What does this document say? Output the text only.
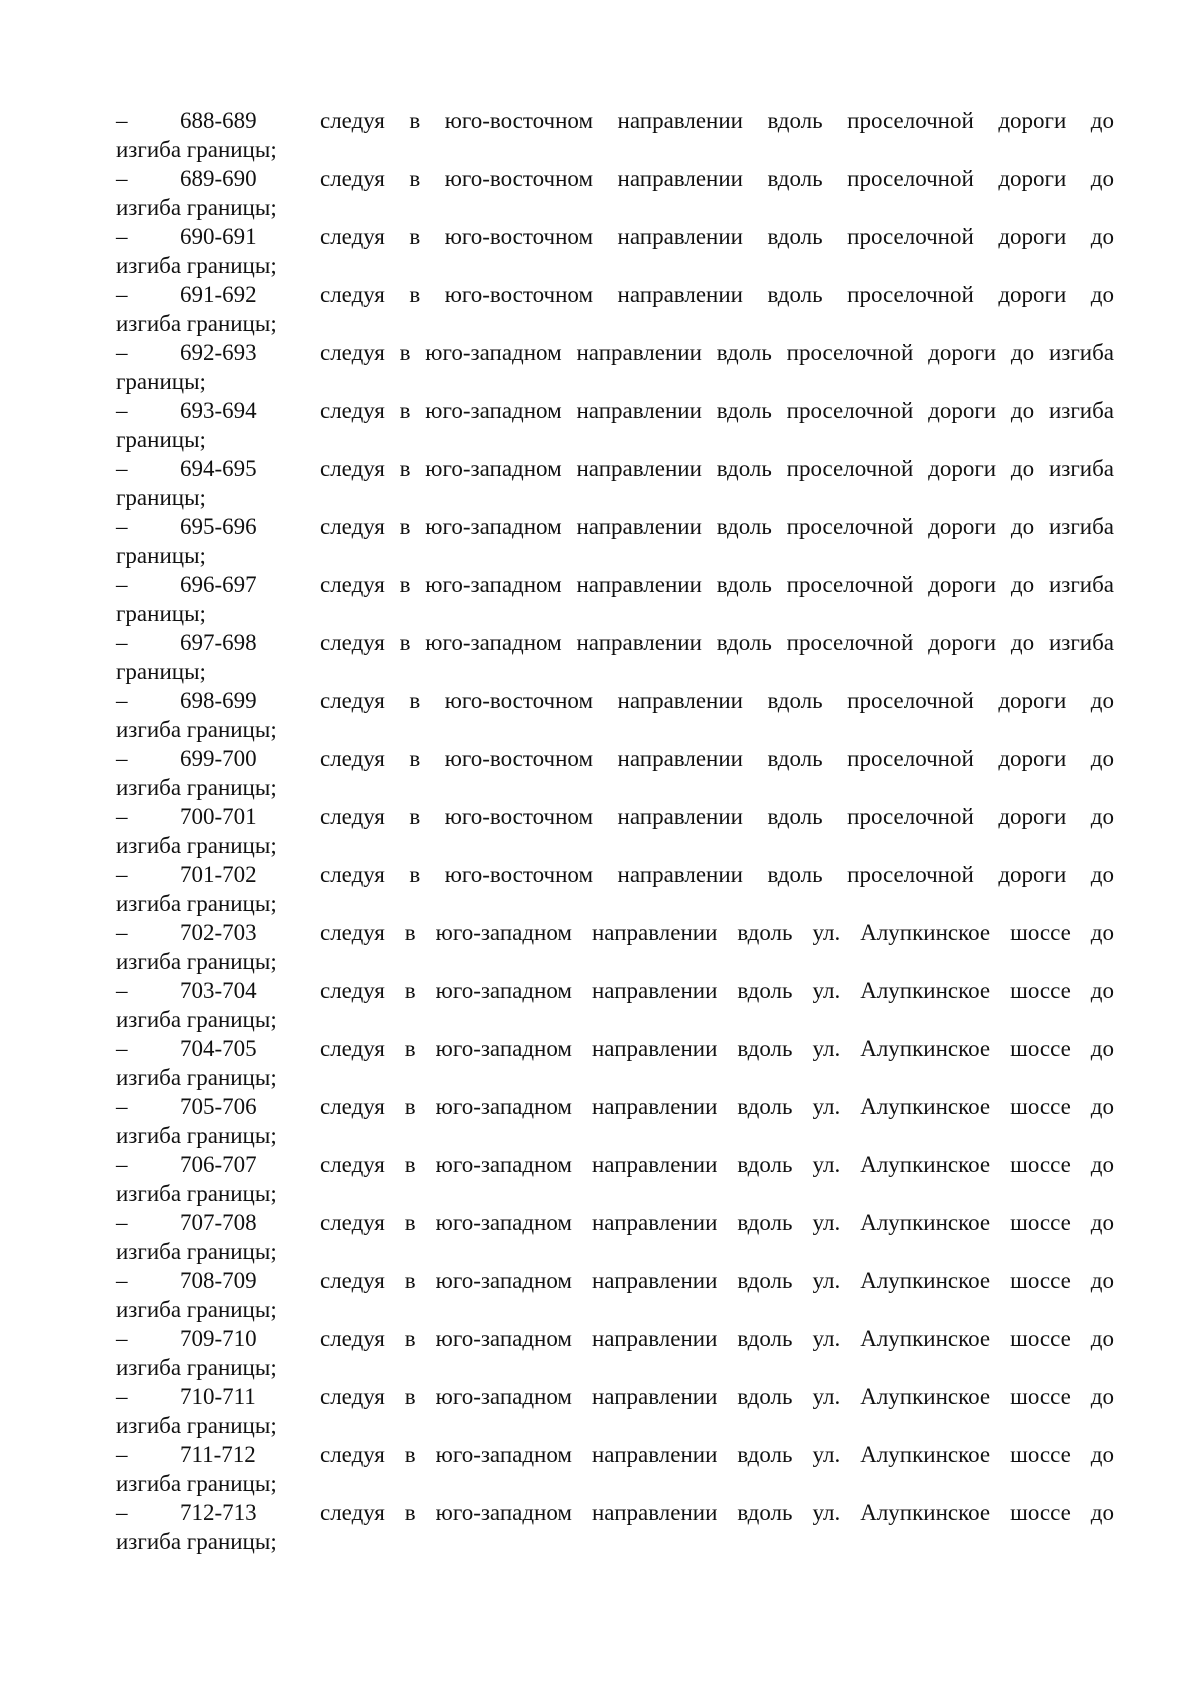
–	688-689	следуя в юго-восточном направлении вдоль проселочной дороги до
изгиба границы;
–	689-690	следуя в юго-восточном направлении вдоль проселочной дороги до
изгиба границы;
–	690-691	следуя в юго-восточном направлении вдоль проселочной дороги до
изгиба границы;
–	691-692	следуя в юго-восточном направлении вдоль проселочной дороги до
изгиба границы;
–	692-693	следуя в юго-западном направлении вдоль проселочной дороги до изгиба
границы;
–	693-694	следуя в юго-западном направлении вдоль проселочной дороги до изгиба
границы;
–	694-695	следуя в юго-западном направлении вдоль проселочной дороги до изгиба
границы;
–	695-696	следуя в юго-западном направлении вдоль проселочной дороги до изгиба
границы;
–	696-697	следуя в юго-западном направлении вдоль проселочной дороги до изгиба
границы;
–	697-698	следуя в юго-западном направлении вдоль проселочной дороги до изгиба
границы;
–	698-699	следуя в юго-восточном направлении вдоль проселочной дороги до
изгиба границы;
–	699-700	следуя в юго-восточном направлении вдоль проселочной дороги до
изгиба границы;
–	700-701	следуя в юго-восточном направлении вдоль проселочной дороги до
изгиба границы;
–	701-702	следуя в юго-восточном направлении вдоль проселочной дороги до
изгиба границы;
–	702-703	следуя в юго-западном направлении вдоль ул. Алупкинское шоссе до
изгиба границы;
–	703-704	следуя в юго-западном направлении вдоль ул. Алупкинское шоссе до
изгиба границы;
–	704-705	следуя в юго-западном направлении вдоль ул. Алупкинское шоссе до
изгиба границы;
–	705-706	следуя в юго-западном направлении вдоль ул. Алупкинское шоссе до
изгиба границы;
–	706-707	следуя в юго-западном направлении вдоль ул. Алупкинское шоссе до
изгиба границы;
–	707-708	следуя в юго-западном направлении вдоль ул. Алупкинское шоссе до
изгиба границы;
–	708-709	следуя в юго-западном направлении вдоль ул. Алупкинское шоссе до
изгиба границы;
–	709-710	следуя в юго-западном направлении вдоль ул. Алупкинское шоссе до
изгиба границы;
–	710-711	следуя в юго-западном направлении вдоль ул. Алупкинское шоссе до
изгиба границы;
–	711-712	следуя в юго-западном направлении вдоль ул. Алупкинское шоссе до
изгиба границы;
–	712-713	следуя в юго-западном направлении вдоль ул. Алупкинское шоссе до
изгиба границы;
